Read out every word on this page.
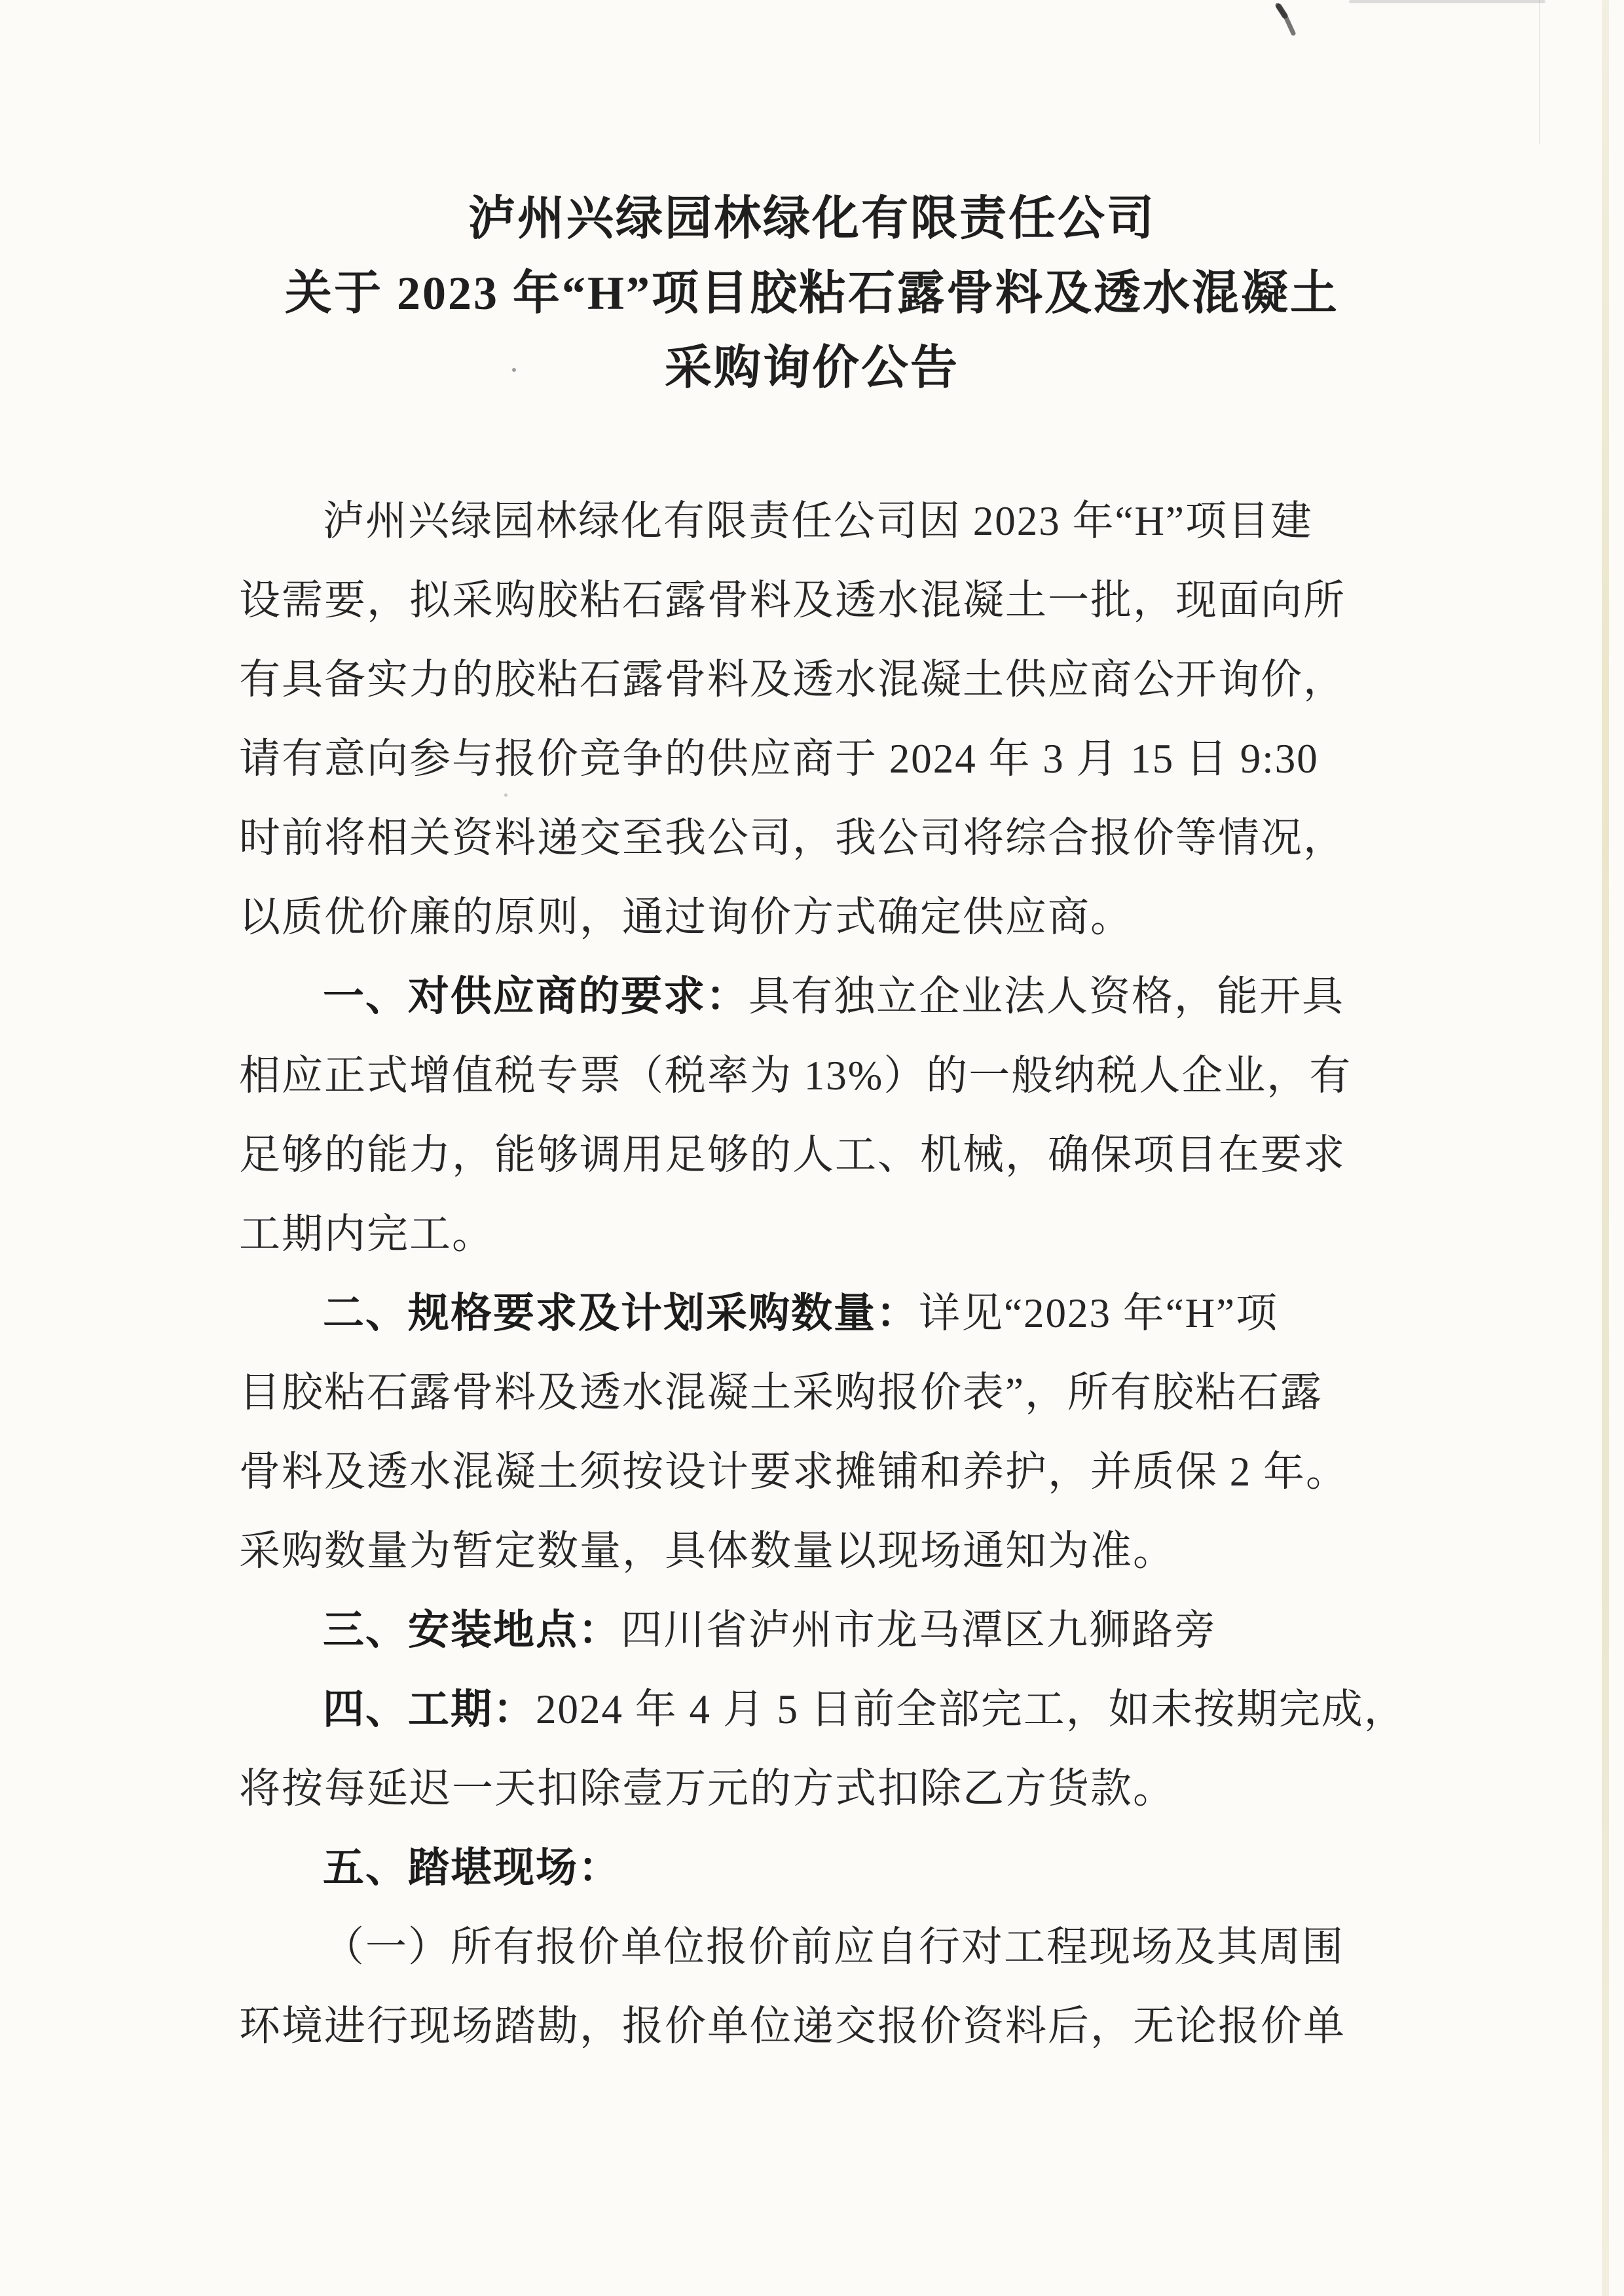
泸州兴绿园林绿化有限责任公司
关于 2023 年“H”项目胶粘石露骨料及透水混凝土
采购询价公告
泸州兴绿园林绿化有限责任公司因 2023 年“H”项目建
设需要，拟采购胶粘石露骨料及透水混凝土一批，现面向所
有具备实力的胶粘石露骨料及透水混凝土供应商公开询价，
请有意向参与报价竞争的供应商于 2024 年 3 月 15 日 9:30
时前将相关资料递交至我公司，我公司将综合报价等情况，
以质优价廉的原则，通过询价方式确定供应商。
一、对供应商的要求：具有独立企业法人资格，能开具
相应正式增值税专票（税率为 13%）的一般纳税人企业，有
足够的能力，能够调用足够的人工、机械，确保项目在要求
工期内完工。
二、规格要求及计划采购数量：详见“2023 年“H”项
目胶粘石露骨料及透水混凝土采购报价表”，所有胶粘石露
骨料及透水混凝土须按设计要求摊铺和养护，并质保 2 年。
采购数量为暂定数量，具体数量以现场通知为准。
三、安装地点：四川省泸州市龙马潭区九狮路旁
四、工期：2024 年 4 月 5 日前全部完工，如未按期完成，
将按每延迟一天扣除壹万元的方式扣除乙方货款。
五、踏堪现场：
（一）所有报价单位报价前应自行对工程现场及其周围
环境进行现场踏勘，报价单位递交报价资料后，无论报价单
